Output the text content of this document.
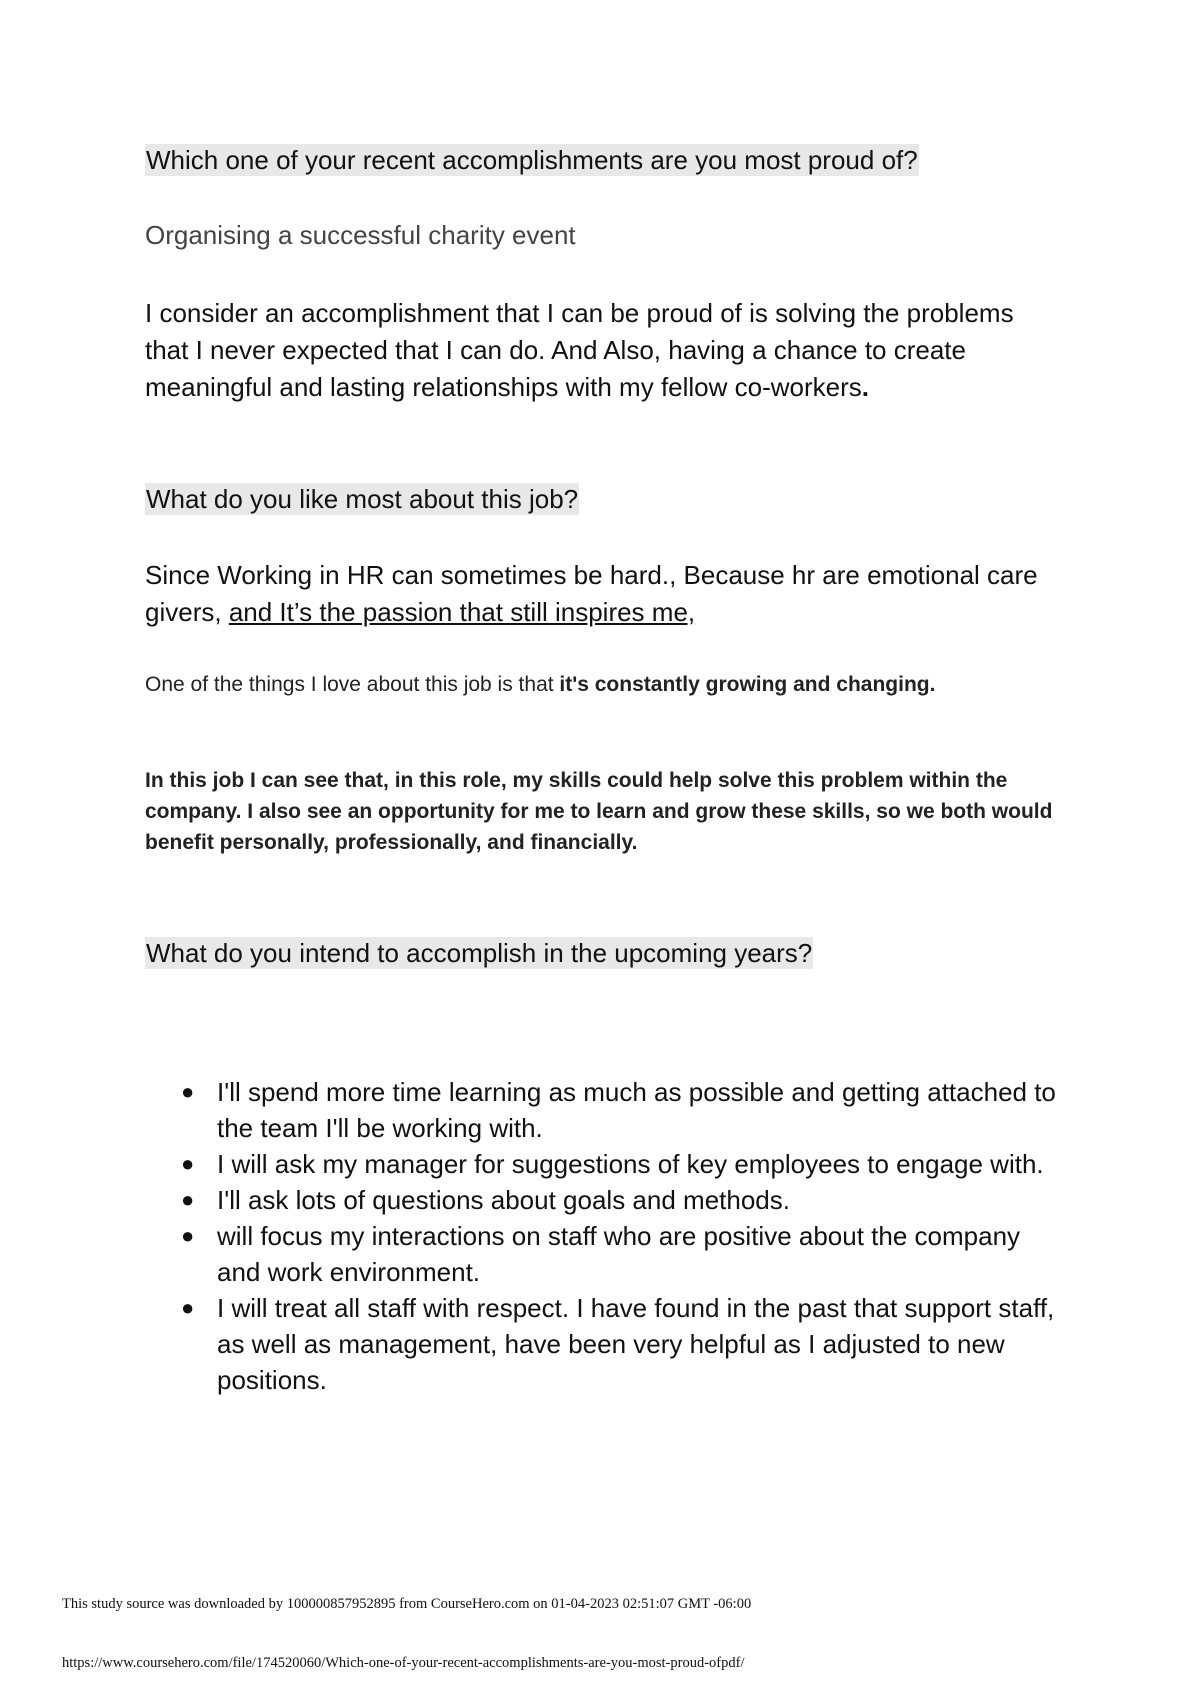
Which one of your recent accomplishments are you most proud of?
Organising a successful charity event
I consider an accomplishment that I can be proud of is solving the problems that I never expected that I can do. And Also, having a chance to create meaningful and lasting relationships with my fellow co-workers.
What do you like most about this job?
Since Working in HR can sometimes be hard., Because hr are emotional care givers, and It’s the passion that still inspires me,
One of the things I love about this job is that it's constantly growing and changing.
In this job I can see that, in this role, my skills could help solve this problem within the company. I also see an opportunity for me to learn and grow these skills, so we both would benefit personally, professionally, and financially.
What do you intend to accomplish in the upcoming years?
● I'll spend more time learning as much as possible and getting attached to the team I'll be working with.
● I will ask my manager for suggestions of key employees to engage with.
● I'll ask lots of questions about goals and methods.
● will focus my interactions on staff who are positive about the company and work environment.
● I will treat all staff with respect. I have found in the past that support staff, as well as management, have been very helpful as I adjusted to new positions.
This study source was downloaded by 100000857952895 from CourseHero.com on 01-04-2023 02:51:07 GMT -06:00
https://www.coursehero.com/file/174520060/Which-one-of-your-recent-accomplishments-are-you-most-proud-ofpdf/
